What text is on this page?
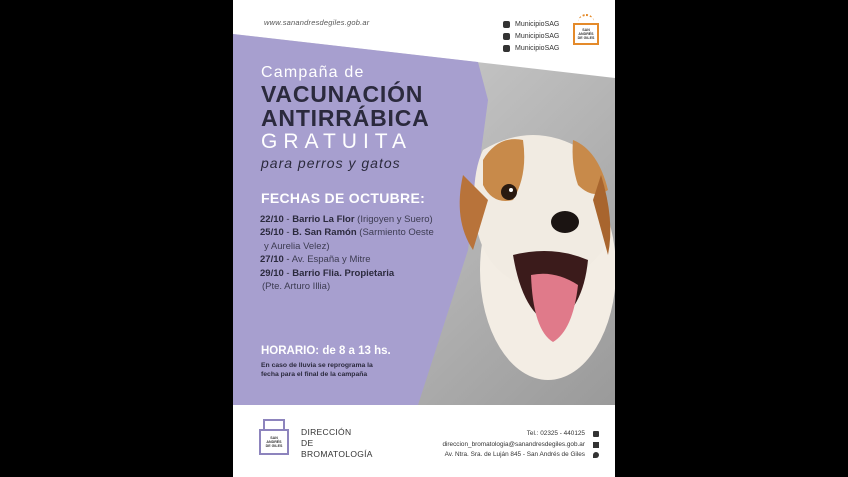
www.sanandresdegiles.gob.ar	MunicipioSAG
MunicipioSAG
MunicipioSAG
SAN
ANDRÉS
DE GILES
Campaña de
VACUNACIÓN
ANTIRRÁBICA
GRATUITA
para perros y gatos
FECHAS DE OCTUBRE:
22/10 - Barrio La Flor (Irigoyen y Suero)
25/10 - B. San Ramón (Sarmiento Oeste
y Aurelia Velez)
27/10 - Av. España y Mitre
29/10 - Barrio Flia. Propietaria
(Pte. Arturo Illia)
HORARIO: de 8 a 13 hs.
En caso de lluvia se reprograma la fecha para el final de la campaña
SAN
ANDRÉS
DE GILES
DIRECCIÓN
DE
BROMATOLOGÍA
Tel.: 02325 - 440125
direccion_bromatologia@sanandresdegiles.gob.ar
Av. Ntra. Sra. de Luján 845 - San Andrés de Giles
